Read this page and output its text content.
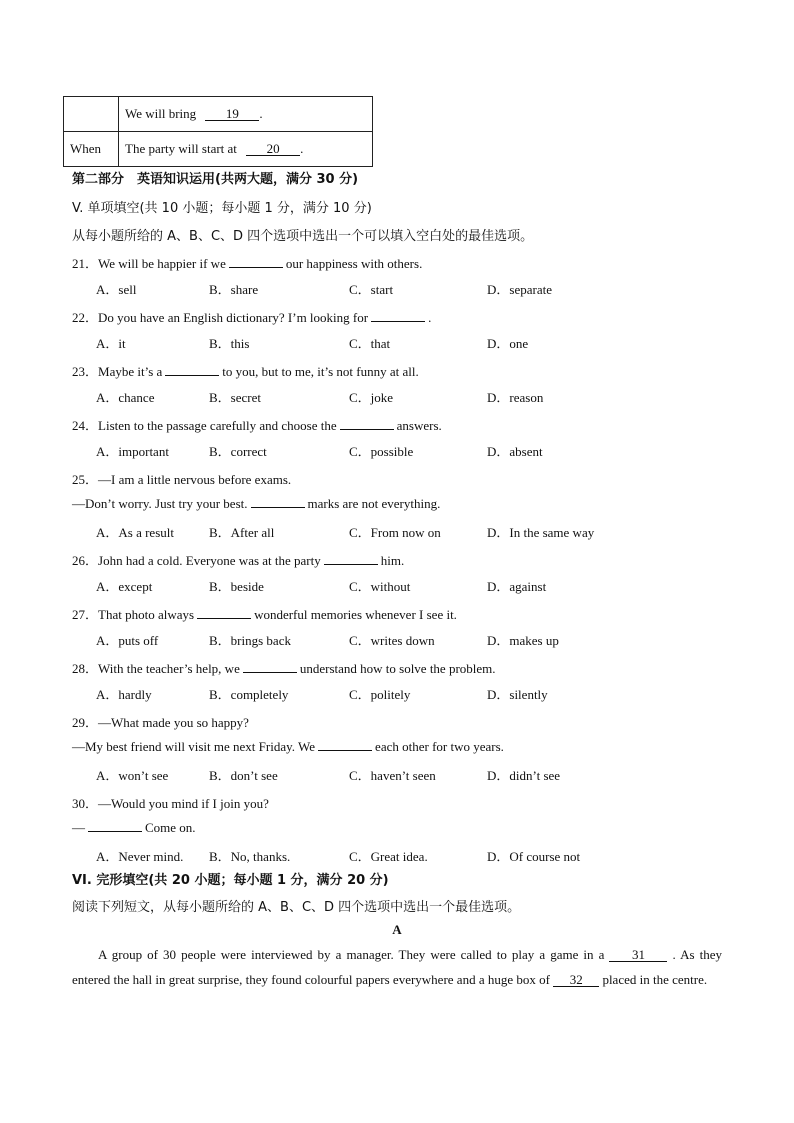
	We will bring 19 .
When	The party will start at 20 .
第二部分　英语知识运用(共两大题，满分 30 分)
V. 单项填空(共 10 小题；每小题 1 分，满分 10 分)
从每小题所给的 A、B、C、D 四个选项中选出一个可以填入空白处的最佳选项。
21．We will be happier if we	our happiness with others.
A．sell	B．share	C．start	D．separate
22．Do you have an English dictionary? I’m looking for	.
A．it	B．this	C．that	D．one
23．Maybe it’s a	to you, but to me, it’s not funny at all.
A．chance	B．secret	C．joke	D．reason
24．Listen to the passage carefully and choose the	answers.
A．important	B．correct	C．possible	D．absent
25．—I am a little nervous before exams.
—Don’t worry. Just try your best.	marks are not everything.
A．As a result	B．After all	C．From now on	D．In the same way
26．John had a cold. Everyone was at the party	him.
A．except	B．beside	C．without	D．against
27．That photo always	wonderful memories whenever I see it.
A．puts off	B．brings back	C．writes down	D．makes up
28．With the teacher’s help, we	understand how to solve the problem.
A．hardly	B．completely	C．politely	D．silently
29．—What made you so happy?
—My best friend will visit me next Friday. We	each other for two years.
A．won’t see	B．don’t see	C．haven’t seen	D．didn’t see
30．—Would you mind if I join you?
—	Come on.
A．Never mind. B．No, thanks.	C．Great idea.	D．Of course not
VI. 完形填空(共 20 小题；每小题 1 分，满分 20 分)
阅读下列短文，从每小题所给的 A、B、C、D 四个选项中选出一个最佳选项。
A
A group of 30 people were interviewed by a manager. They were called to play a game in a 31 . As they entered the hall in great surprise, they found colourful papers everywhere and a huge box of 32 placed in the centre.
